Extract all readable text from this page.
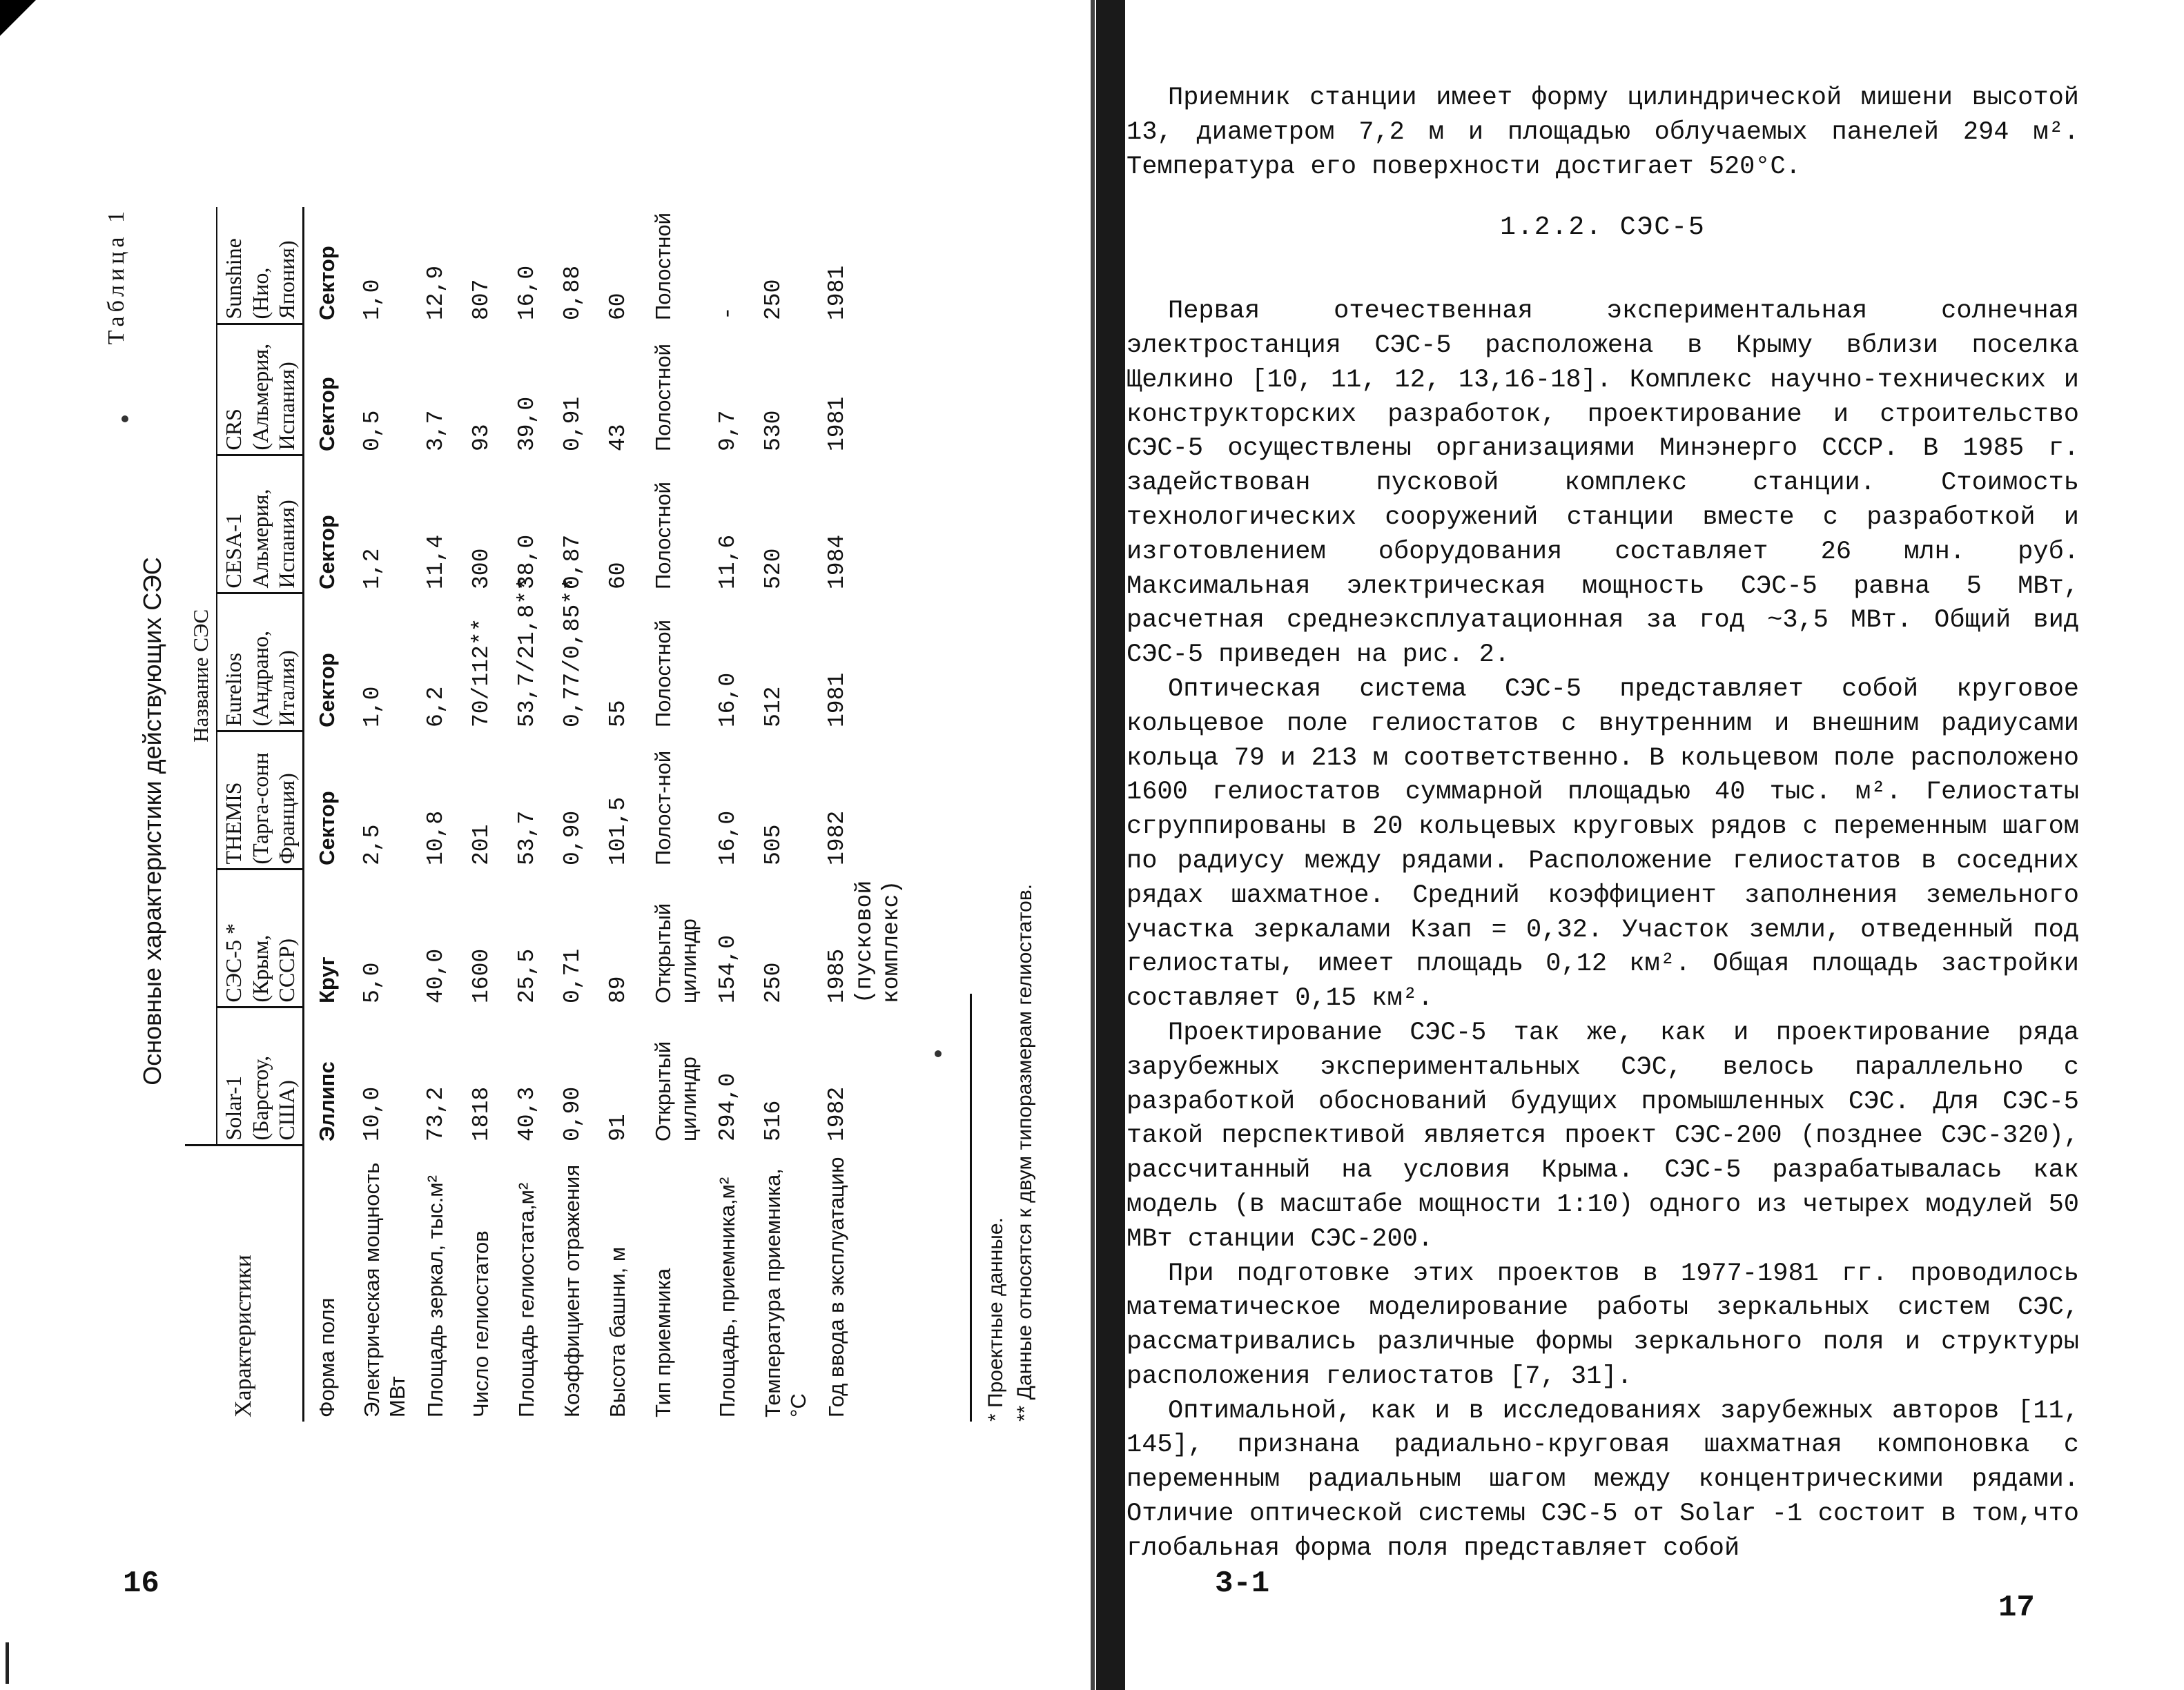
Таблица 1
Основные характеристики действующих СЭС
Характеристики	Название СЭС						
	Solar-1 (Барстоу, США)	СЭС-5 * (Крым, СССР)	THEMIS (Тарга-сонн Франция)	Eurelios (Андрано, Италия)	CESA-1 Альмерия, Испания)	CRS (Альмерия, Испания)	Sunshine (Нио, Япония)
Форма поля	Эллипс	Круг	Сектор	Сектор	Сектор	Сектор	Сектор
Электрическая мощность МВт	10,0	5,0	2,5	1,0	1,2	0,5	1,0
Площадь зеркал, тыс.м²	73,2	40,0	10,8	6,2	11,4	3,7	12,9
Число гелиостатов	1818	1600	201	70/112**	300	93	807
Площадь гелиостата,м²	40,3	25,5	53,7	53,7/21,8**	38,0	39,0	16,0
Коэффициент отражения	0,90	0,71	0,90	0,77/0,85**	0,87	0,91	0,88
Высота башни, м	91	89	101,5	55	60	43	60
Тип приемника	Открытый цилиндр	Открытый цилиндр	Полост-ной	Полостной	Полостной	Полостной	Полостной
Площадь, приемника,м²	294,0	154,0	16,0	16,0	11,6	9,7	-
Температура приемника, °С	516	250	505	512	520	530	250
Год ввода в эксплуатацию	1982	1985 (пусковой комплекс)	1982	1981	1984	1981	1981
* Проектные данные. ** Данные относятся к двум типоразмерам гелиостатов.
16

Приемник станции имеет форму цилиндрической мишени высотой 13, диаметром 7,2 м и площадью облучаемых панелей 294 м². Температура его поверхности достигает 520°С.

1.2.2. СЭС-5

Первая отечественная экспериментальная солнечная электростанция СЭС-5 расположена в Крыму вблизи поселка Щелкино [10, 11, 12, 13,16-18]. Комплекс научно-технических и конструкторских разработок, проектирование и строительство СЭС-5 осуществлены организациями Минэнерго СССР. В 1985 г. задействован пусковой комплекс станции. Стоимость технологических сооружений станции вместе с разработкой и изготовлением оборудования составляет 26 млн. руб. Максимальная электрическая мощность СЭС-5 равна 5 МВт, расчетная среднеэксплуатационная за год ~3,5 МВт. Общий вид СЭС-5 приведен на рис. 2.

Оптическая система СЭС-5 представляет собой круговое кольцевое поле гелиостатов с внутренним и внешним радиусами кольца 79 и 213 м соответственно. В кольцевом поле расположено 1600 гелиостатов суммарной площадью 40 тыс. м². Гелиостаты сгруппированы в 20 кольцевых круговых рядов с переменным шагом по радиусу между рядами. Расположение гелиостатов в соседних рядах шахматное. Средний коэффициент заполнения земельного участка зеркалами Кзап = 0,32. Участок земли, отведенный под гелиостаты, имеет площадь 0,12 км². Общая площадь застройки составляет 0,15 км².

Проектирование СЭС-5 так же, как и проектирование ряда зарубежных экспериментальных СЭС, велось параллельно с разработкой обоснований будущих промышленных СЭС. Для СЭС-5 такой перспективой является проект СЭС-200 (позднее СЭС-320), рассчитанный на условия Крыма. СЭС-5 разрабатывалась как модель (в масштабе мощности 1:10) одного из четырех модулей 50 МВт станции СЭС-200.

При подготовке этих проектов в 1977-1981 гг. проводилось математическое моделирование работы зеркальных систем СЭС, рассматривались различные формы зеркального поля и структуры расположения гелиостатов [7, 31].

Оптимальной, как и в исследованиях зарубежных авторов [11, 145], признана радиально-круговая шахматная компоновка с переменным радиальным шагом между концентрическими рядами. Отличие оптической системы СЭС-5 от Solar -1 состоит в том,что глобальная форма поля представляет собой

3-1
17
